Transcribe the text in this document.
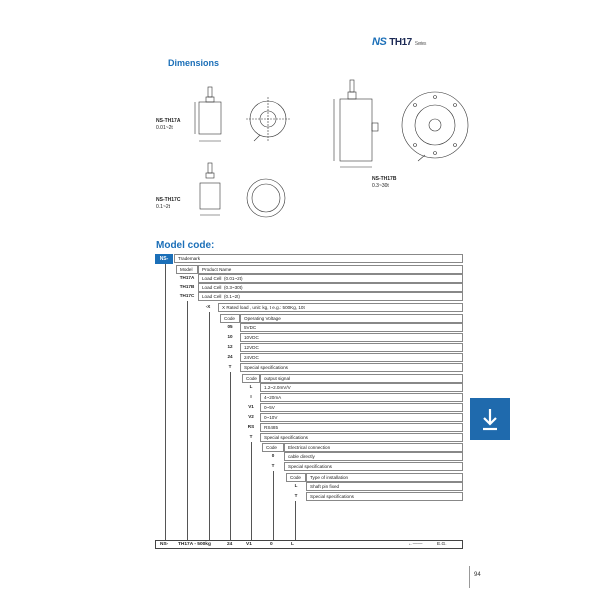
NS TH17 Series
Dimensions
NS-TH17A
0.01~2t
NS-TH17C
0.1~2t
NS-TH17B
0.3~30t
Model code:
NS-	Trademark
Model	Product Name
TH17A	Load Cell (0.01~2t)
TH17B	Load Cell (0.3~30t)
TH17C	Load Cell (0.1~2t)
-X	X Rated load , unit: kg, t e.g.: 500Kg, 10t
Code	Operating Voltage
05	5VDC
10	10VDC
12	12VDC
24	24VDC
T	Special specifications
Code	output signal
L	1.2~2.0mV/V
I	4~20mA
V1	0~5V
V2	0~10V
RS	RS485
T	Special specifications
Code	Electrical connection
0	cable directly
T	Special specifications
Code	Type of installation
L	Shaft pin fixed
T	Special specifications
NS- TH17A - 500kg	24	V1	0	L	←——	E.G.
94
